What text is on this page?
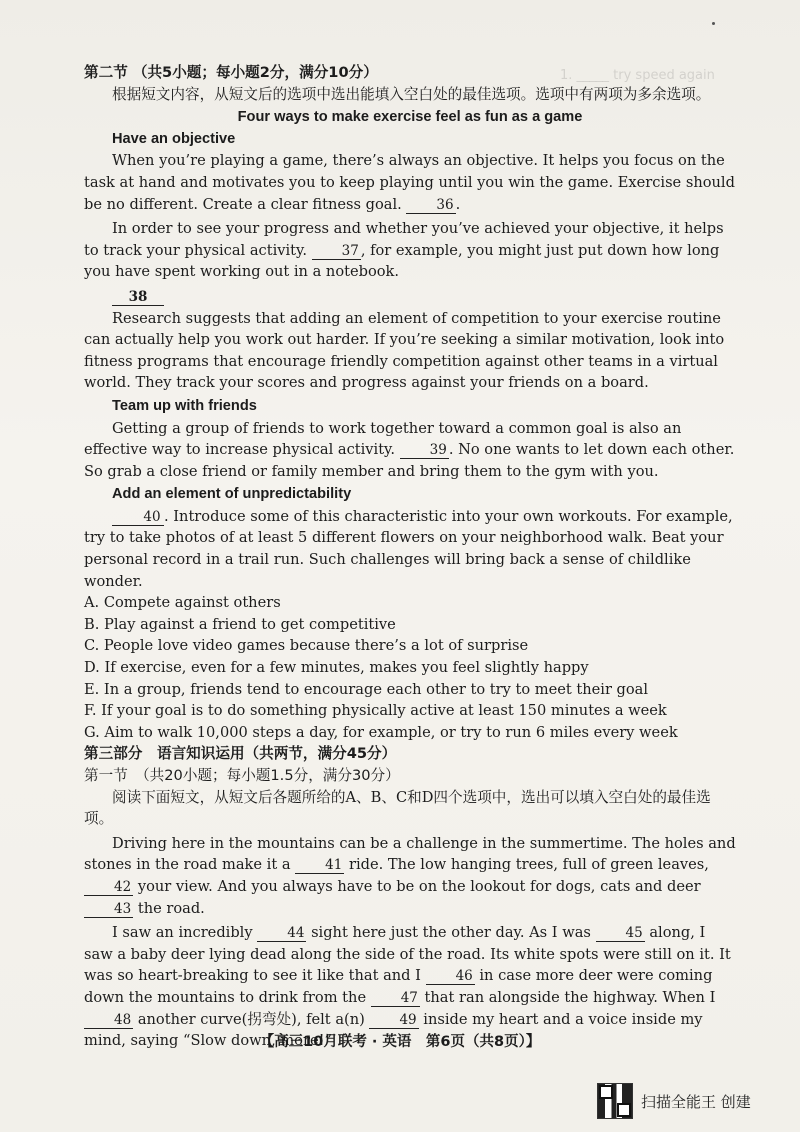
1. _____ try speed again

第二节 （共5小题；每小题2分，满分10分）

根据短文内容，从短文后的选项中选出能填入空白处的最佳选项。选项中有两项为多余选项。

Four ways to make exercise feel as fun as a game

Have an objective

When you’re playing a game, there’s always an objective. It helps you focus on the task at hand and motivates you to keep playing until you win the game. Exercise should be no different. Create a clear fitness goal.	36 .

In order to see your progress and whether you’ve achieved your objective, it helps to track your physical activity.	37 , for example, you might just put down how long you have spent working out in a notebook.

38

Research suggests that adding an element of competition to your exercise routine can actually help you work out harder. If you’re seeking a similar motivation, look into fitness programs that encourage friendly competition against other teams in a virtual world. They track your scores and progress against your friends on a board.

Team up with friends

Getting a group of friends to work together toward a common goal is also an effective way to increase physical activity.	39 . No one wants to let down each other. So grab a close friend or family member and bring them to the gym with you.

Add an element of unpredictability

40 . Introduce some of this characteristic into your own workouts. For example, try to take photos of at least 5 different flowers on your neighborhood walk. Beat your personal record in a trail run. Such challenges will bring back a sense of childlike wonder.

A. Compete against others

B. Play against a friend to get competitive

C. People love video games because there’s a lot of surprise

D. If exercise, even for a few minutes, makes you feel slightly happy

E. In a group, friends tend to encourage each other to try to meet their goal

F. If your goal is to do something physically active at least 150 minutes a week

G. Aim to walk 10,000 steps a day, for example, or try to run 6 miles every week

第三部分　语言知识运用（共两节，满分45分）

第一节　（共20小题；每小题1.5分，满分30分）

阅读下面短文，从短文后各题所给的A、B、C和D四个选项中，选出可以填入空白处的最佳选项。

Driving here in the mountains can be a challenge in the summertime. The holes and stones in the road make it a	41 ride. The low hanging trees, full of green leaves, 42 your view. And you always have to be on the lookout for dogs, cats and deer 43 the road.

I saw an incredibly	44 sight here just the other day. As I was	45 along, I saw a baby deer lying dead along the side of the road. Its white spots were still on it. It was so heart-breaking to see it like that and I	46 in case more deer were coming down the mountains to drink from the	47 that ran alongside the highway. When I 48 another curve(拐弯处), felt a(n)	49 inside my heart and a voice inside my mind, saying “Slow down, more!”

【高三10月联考 · 英语　第6页（共8页）】
扫描全能王 创建
